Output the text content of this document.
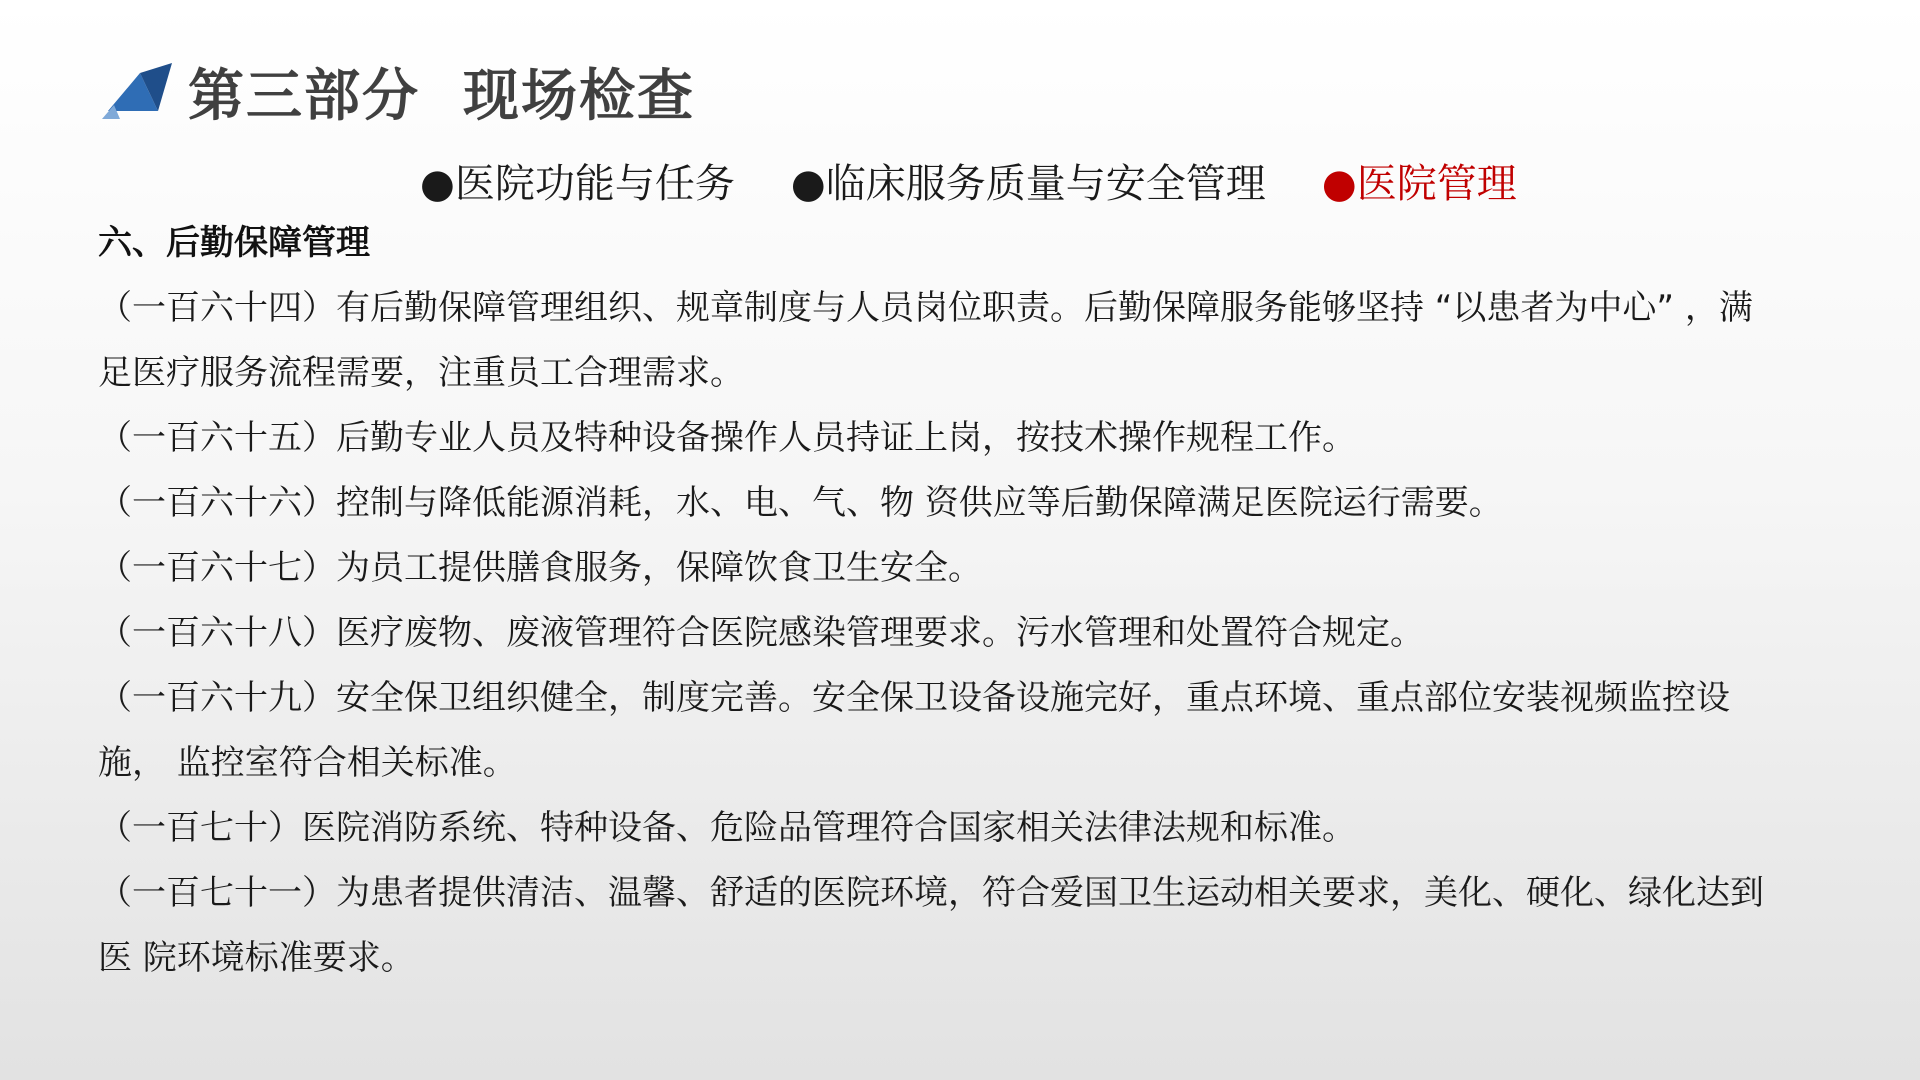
第三部分  现场检查
●医院功能与任务 ●临床服务质量与安全管理 ●医院管理
六、后勤保障管理
（一百六十四）有后勤保障管理组织、规章制度与人员岗位职责。后勤保障服务能够坚持 “以患者为中心” ，满足医疗服务流程需要，注重员工合理需求。
（一百六十五）后勤专业人员及特种设备操作人员持证上岗，按技术操作规程工作。
（一百六十六）控制与降低能源消耗，水、电、气、物 资供应等后勤保障满足医院运行需要。
（一百六十七）为员工提供膳食服务，保障饮食卫生安全。
（一百六十八）医疗废物、废液管理符合医院感染管理要求。污水管理和处置符合规定。
（一百六十九）安全保卫组织健全，制度完善。安全保卫设备设施完好，重点环境、重点部位安装视频监控设施， 监控室符合相关标准。
（一百七十）医院消防系统、特种设备、危险品管理符合国家相关法律法规和标准。
（一百七十一）为患者提供清洁、温馨、舒适的医院环境，符合爱国卫生运动相关要求，美化、硬化、绿化达到医 院环境标准要求。
